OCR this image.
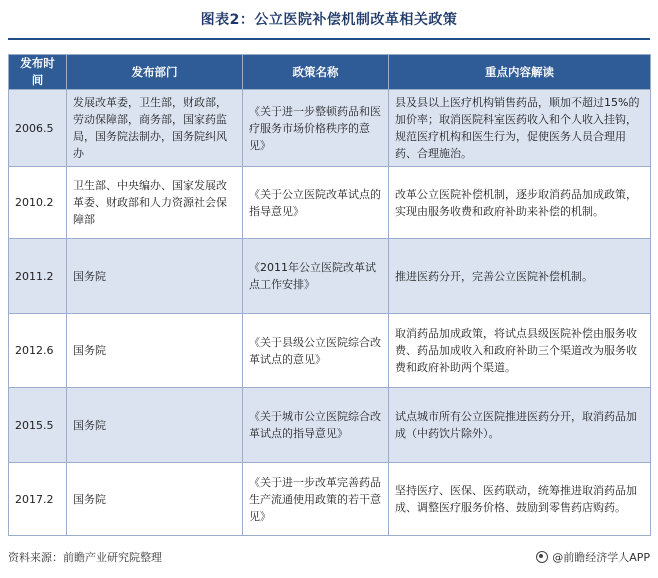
图表2：公立医院补偿机制改革相关政策
发布时间	发布部门	政策名称	重点内容解读
2006.5	发展改革委，卫生部，财政部，劳动保障部，商务部，国家药监局，国务院法制办，国务院纠风办	《关于进一步整顿药品和医疗服务市场价格秩序的意见》	县及县以上医疗机构销售药品，顺加不超过15%的加价率；取消医院科室医药收入和个人收入挂钩，规范医疗机构和医生行为，促使医务人员合理用药、合理施治。
2010.2	卫生部、中央编办、国家发展改革委、财政部和人力资源社会保障部	《关于公立医院改革试点的指导意见》	改革公立医院补偿机制，逐步取消药品加成政策，实现由服务收费和政府补助来补偿的机制。
2011.2	国务院	《2011年公立医院改革试点工作安排》	推进医药分开，完善公立医院补偿机制。
2012.6	国务院	《关于县级公立医院综合改革试点的意见》	取消药品加成政策，将试点县级医院补偿由服务收费、药品加成收入和政府补助三个渠道改为服务收费和政府补助两个渠道。
2015.5	国务院	《关于城市公立医院综合改革试点的指导意见》	试点城市所有公立医院推进医药分开，取消药品加成（中药饮片除外）。
2017.2	国务院	《关于进一步改革完善药品生产流通使用政策的若干意见》	坚持医疗、医保、医药联动，统筹推进取消药品加成、调整医疗服务价格、鼓励到零售药店购药。
资料来源：前瞻产业研究院整理	@前瞻经济学人APP
